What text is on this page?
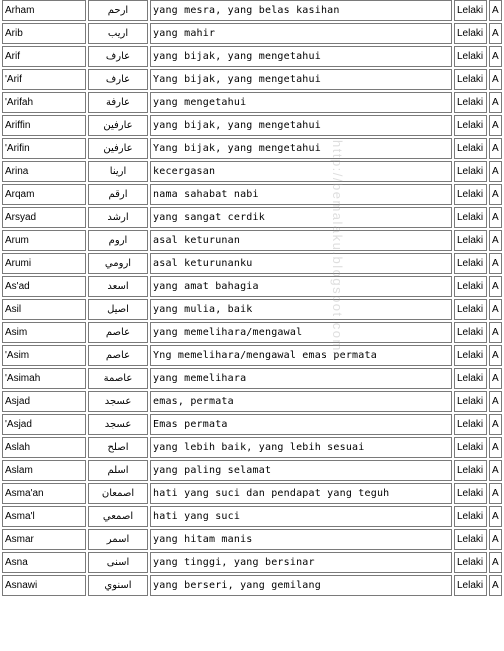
Arham	ارحم	yang mesra, yang belas kasihan	Lelaki	A
Arib	اريب	yang mahir	Lelaki	A
Arif	عارف	yang bijak, yang mengetahui	Lelaki	A
'Arif	عارف	Yang bijak, yang mengetahui	Lelaki	A
'Arifah	عارفة	yang mengetahui	Lelaki	A
Ariffin	عارفين	yang bijak, yang mengetahui	Lelaki	A
'Arifin	عارفين	Yang bijak, yang mengetahui	Lelaki	A
Arina	ارينا	kecergasan	Lelaki	A
Arqam	ارقم	nama sahabat nabi	Lelaki	A
Arsyad	ارشد	yang sangat cerdik	Lelaki	A
Arum	اروم	asal keturunan	Lelaki	A
Arumi	ارومي	asal keturunanku	Lelaki	A
As'ad	اسعد	yang amat bahagia	Lelaki	A
Asil	اصيل	yang mulia, baik	Lelaki	A
Asim	عاصم	yang memelihara/mengawal	Lelaki	A
'Asim	عاصم	Yng memelihara/mengawal emas permata	Lelaki	A
'Asimah	عاصمة	yang memelihara	Lelaki	A
Asjad	عسجد	emas, permata	Lelaki	A
'Asjad	عسجد	Emas permata	Lelaki	A
Aslah	اصلح	yang lebih baik, yang lebih sesuai	Lelaki	A
Aslam	اسلم	yang paling selamat	Lelaki	A
Asma'an	اصمعان	hati yang suci dan pendapat yang teguh	Lelaki	A
Asma'l	اصمعي	hati yang suci	Lelaki	A
Asmar	اسمر	yang hitam manis	Lelaki	A
Asna	اسنى	yang tinggi, yang bersinar	Lelaki	A
Asnawi	اسنوي	yang berseri, yang gemilang	Lelaki	A
http://bemalaku.blogspot.com/
